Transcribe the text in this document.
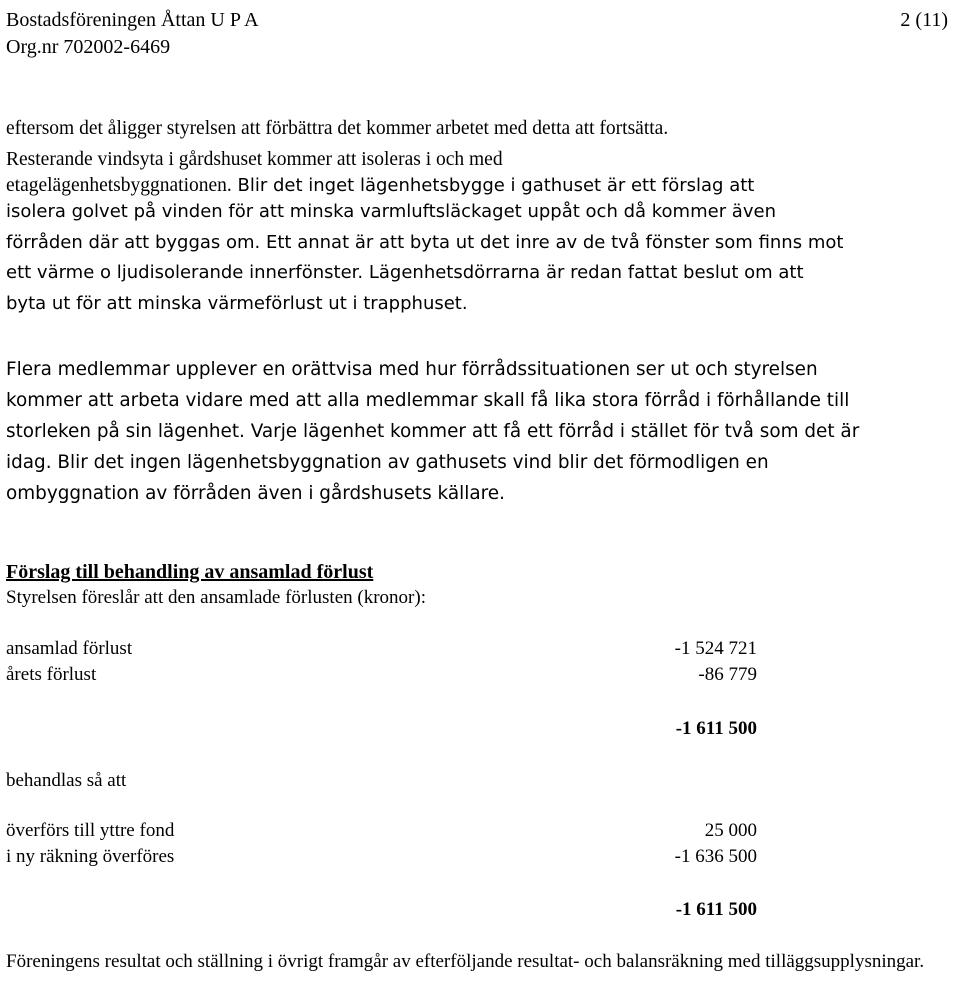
Bostadsföreningen Åttan U P A
Org.nr 702002-6469
2 (11)
eftersom det åligger styrelsen att förbättra det kommer arbetet med detta att fortsätta.
Resterande vindsyta i gårdshuset kommer att isoleras i och med
etagelägenhetsbyggnationen. Blir det inget lägenhetsbygge i gathuset är ett förslag att
isolera golvet på vinden för att minska varmluftsläckaget uppåt och då kommer även
förråden där att byggas om. Ett annat är att byta ut det inre av de två fönster som finns mot
ett värme o ljudisolerande innerfönster. Lägenhetsdörrarna är redan fattat beslut om att
byta ut för att minska värmeförlust ut i trapphuset.
Flera medlemmar upplever en orättvisa med hur förrådssituationen ser ut och styrelsen
kommer att arbeta vidare med att alla medlemmar skall få lika stora förråd i förhållande till
storleken på sin lägenhet. Varje lägenhet kommer att få ett förråd i stället för två som det är
idag. Blir det ingen lägenhetsbyggnation av gathusets vind blir det förmodligen en
ombyggnation av förråden även i gårdshusets källare.
Förslag till behandling av ansamlad förlust
Styrelsen föreslår att den ansamlade förlusten (kronor):
ansamlad förlust	-1 524 721
årets förlust	-86 779
-1 611 500
behandlas så att
överförs till yttre fond	25 000
i ny räkning överföres	-1 636 500
-1 611 500

Föreningens resultat och ställning i övrigt framgår av efterföljande resultat- och balansräkning med tilläggsupplysningar.
